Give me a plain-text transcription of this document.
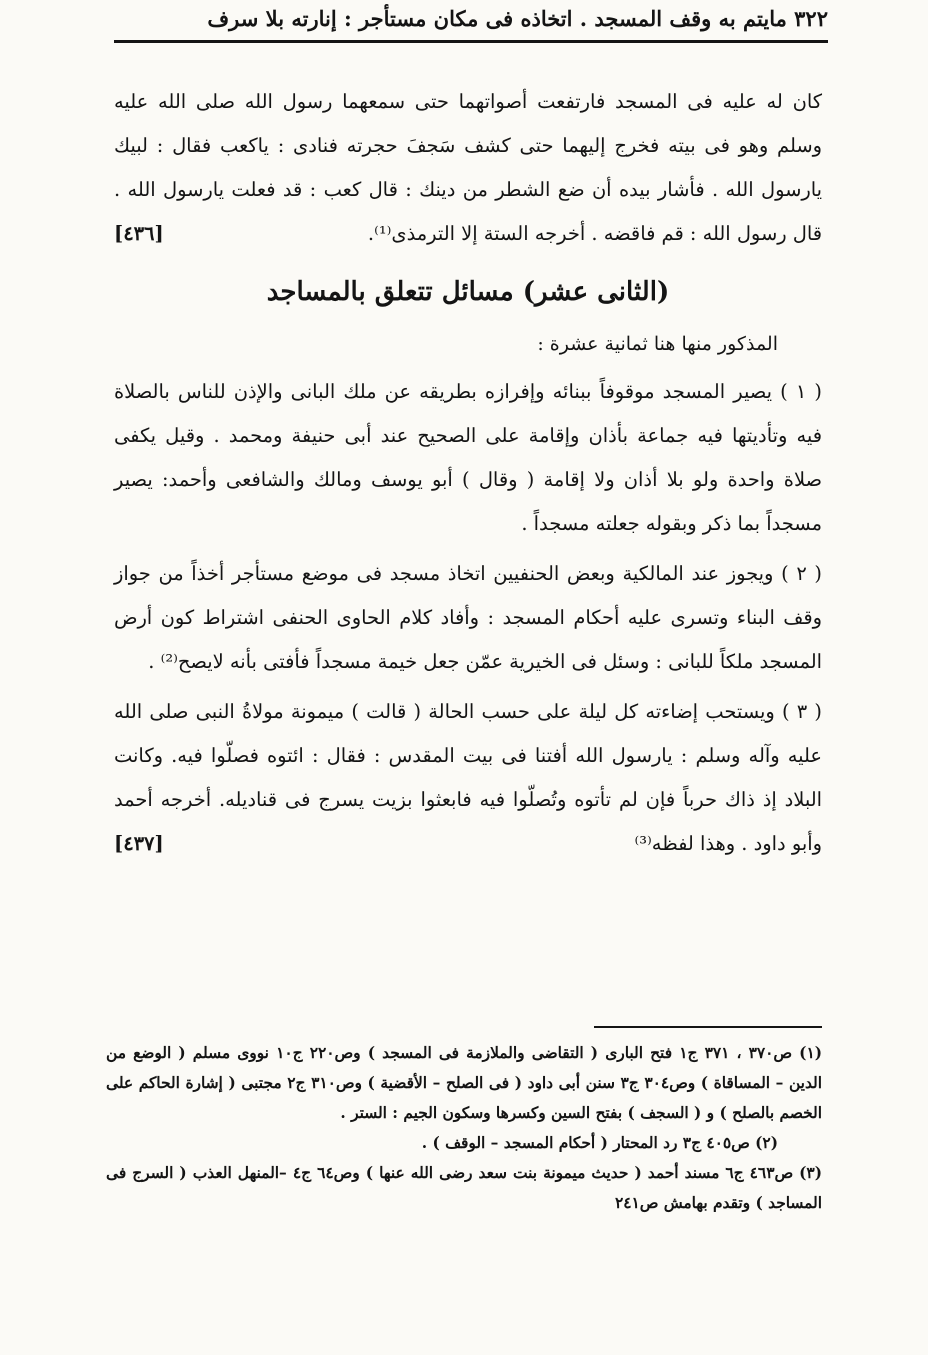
٣٢٢ مايتم به وقف المسجد . اتخاذه فى مكان مستأجر : إنارته بلا سرف

كان له عليه فى المسجد فارتفعت أصواتهما حتى سمعهما رسول الله صلى الله عليه وسلم وهو فى بيته فخرج إليهما حتى كشف سَجفَ حجرته فنادى : ياكعب فقال : لبيك يارسول الله . فأشار بيده أن ضع الشطر من دينك : قال كعب : قد فعلت يارسول الله . قال رسول الله : قم فاقضه . أخرجه الستة إلا الترمذى⁽¹⁾.
[٤٣٦]

(الثانى عشر) مسائل تتعلق بالمساجد

المذكور منها هنا ثمانية عشرة :

( ١ ) يصير المسجد موقوفاً ببنائه وإفرازه بطريقه عن ملك البانى والإذن للناس بالصلاة فيه وتأديتها فيه جماعة بأذان وإقامة على الصحيح عند أبى حنيفة ومحمد . وقيل يكفى صلاة واحدة ولو بلا أذان ولا إقامة ( وقال ) أبو يوسف ومالك والشافعى وأحمد: يصير مسجداً بما ذكر وبقوله جعلته مسجداً .

( ٢ ) ويجوز عند المالكية وبعض الحنفيين اتخاذ مسجد فى موضع مستأجر أخذاً من جواز وقف البناء وتسرى عليه أحكام المسجد : وأفاد كلام الحاوى الحنفى اشتراط كون أرض المسجد ملكاً للبانى : وسئل فى الخيرية عمّن جعل خيمة مسجداً فأفتى بأنه لايصح⁽²⁾ .

( ٣ ) ويستحب إضاءته كل ليلة على حسب الحالة ( قالت ) ميمونة مولاةُ النبى صلى الله عليه وآله وسلم : يارسول الله أفتنا فى بيت المقدس : فقال : ائتوه فصلّوا فيه. وكانت البلاد إذ ذاك حرباً فإن لم تأتوه وتُصلّوا فيه فابعثوا بزيت يسرج فى قناديله. أخرجه أحمد وأبو داود . وهذا لفظه⁽³⁾
[٤٣٧]

(١) ص٣٧٠ ، ٣٧١ ج١ فتح البارى ( التقاضى والملازمة فى المسجد ) وص٢٢٠ ج١٠ نووى مسلم ( الوضع من الدين – المساقاة ) وص٣٠٤ ج٣ سنن أبى داود ( فى الصلح – الأقضية ) وص٣١٠ ج٢ مجتبى ( إشارة الحاكم على الخصم بالصلح ) و ( السجف ) بفتح السين وكسرها وسكون الجيم : الستر .

(٢) ص٤٠٥ ج٣ رد المحتار ( أحكام المسجد – الوقف ) .

(٣) ص٤٦٣ ج٦ مسند أحمد ( حديث ميمونة بنت سعد رضى الله عنها ) وص٦٤ ج٤ –المنهل العذب ( السرج فى المساجد ) وتقدم بهامش ص٢٤١
